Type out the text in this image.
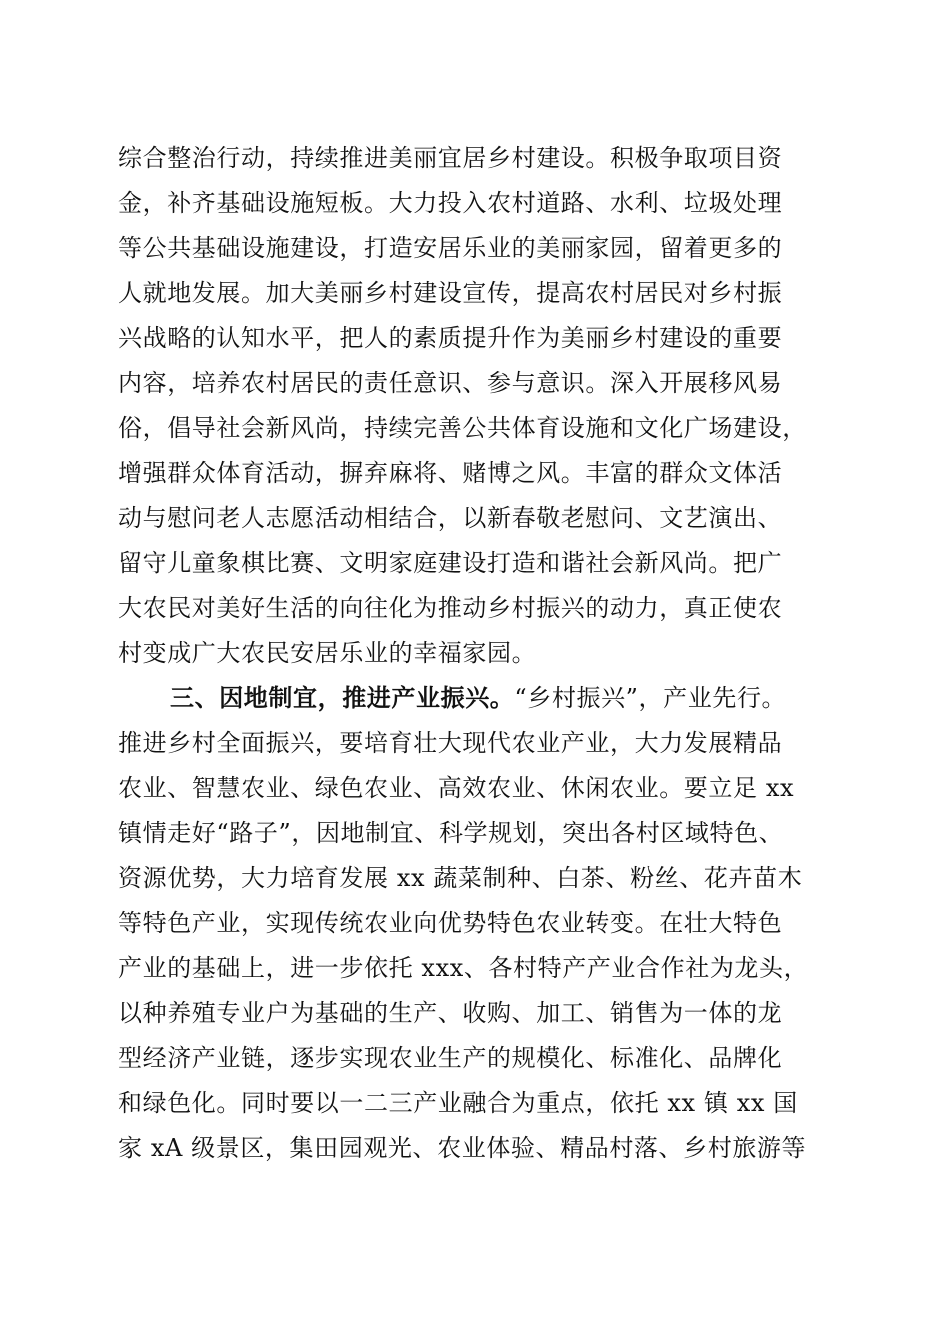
综合整治行动，持续推进美丽宜居乡村建设。积极争取项目资
金，补齐基础设施短板。大力投入农村道路、水利、垃圾处理
等公共基础设施建设，打造安居乐业的美丽家园，留着更多的
人就地发展。加大美丽乡村建设宣传，提高农村居民对乡村振
兴战略的认知水平，把人的素质提升作为美丽乡村建设的重要
内容，培养农村居民的责任意识、参与意识。深入开展移风易
俗，倡导社会新风尚，持续完善公共体育设施和文化广场建设，
增强群众体育活动，摒弃麻将、赌博之风。丰富的群众文体活
动与慰问老人志愿活动相结合，以新春敬老慰问、文艺演出、
留守儿童象棋比赛、文明家庭建设打造和谐社会新风尚。把广
大农民对美好生活的向往化为推动乡村振兴的动力，真正使农
村变成广大农民安居乐业的幸福家园。
三、因地制宜，推进产业振兴。“乡村振兴”，产业先行。
推进乡村全面振兴，要培育壮大现代农业产业，大力发展精品
农业、智慧农业、绿色农业、高效农业、休闲农业。要立足 xx
镇情走好“路子”，因地制宜、科学规划，突出各村区域特色、
资源优势，大力培育发展 xx 蔬菜制种、白茶、粉丝、花卉苗木
等特色产业，实现传统农业向优势特色农业转变。在壮大特色
产业的基础上，进一步依托 xxx、各村特产产业合作社为龙头，
以种养殖专业户为基础的生产、收购、加工、销售为一体的龙
型经济产业链，逐步实现农业生产的规模化、标准化、品牌化
和绿色化。同时要以一二三产业融合为重点，依托 xx 镇 xx 国
家 xA 级景区，集田园观光、农业体验、精品村落、乡村旅游等
